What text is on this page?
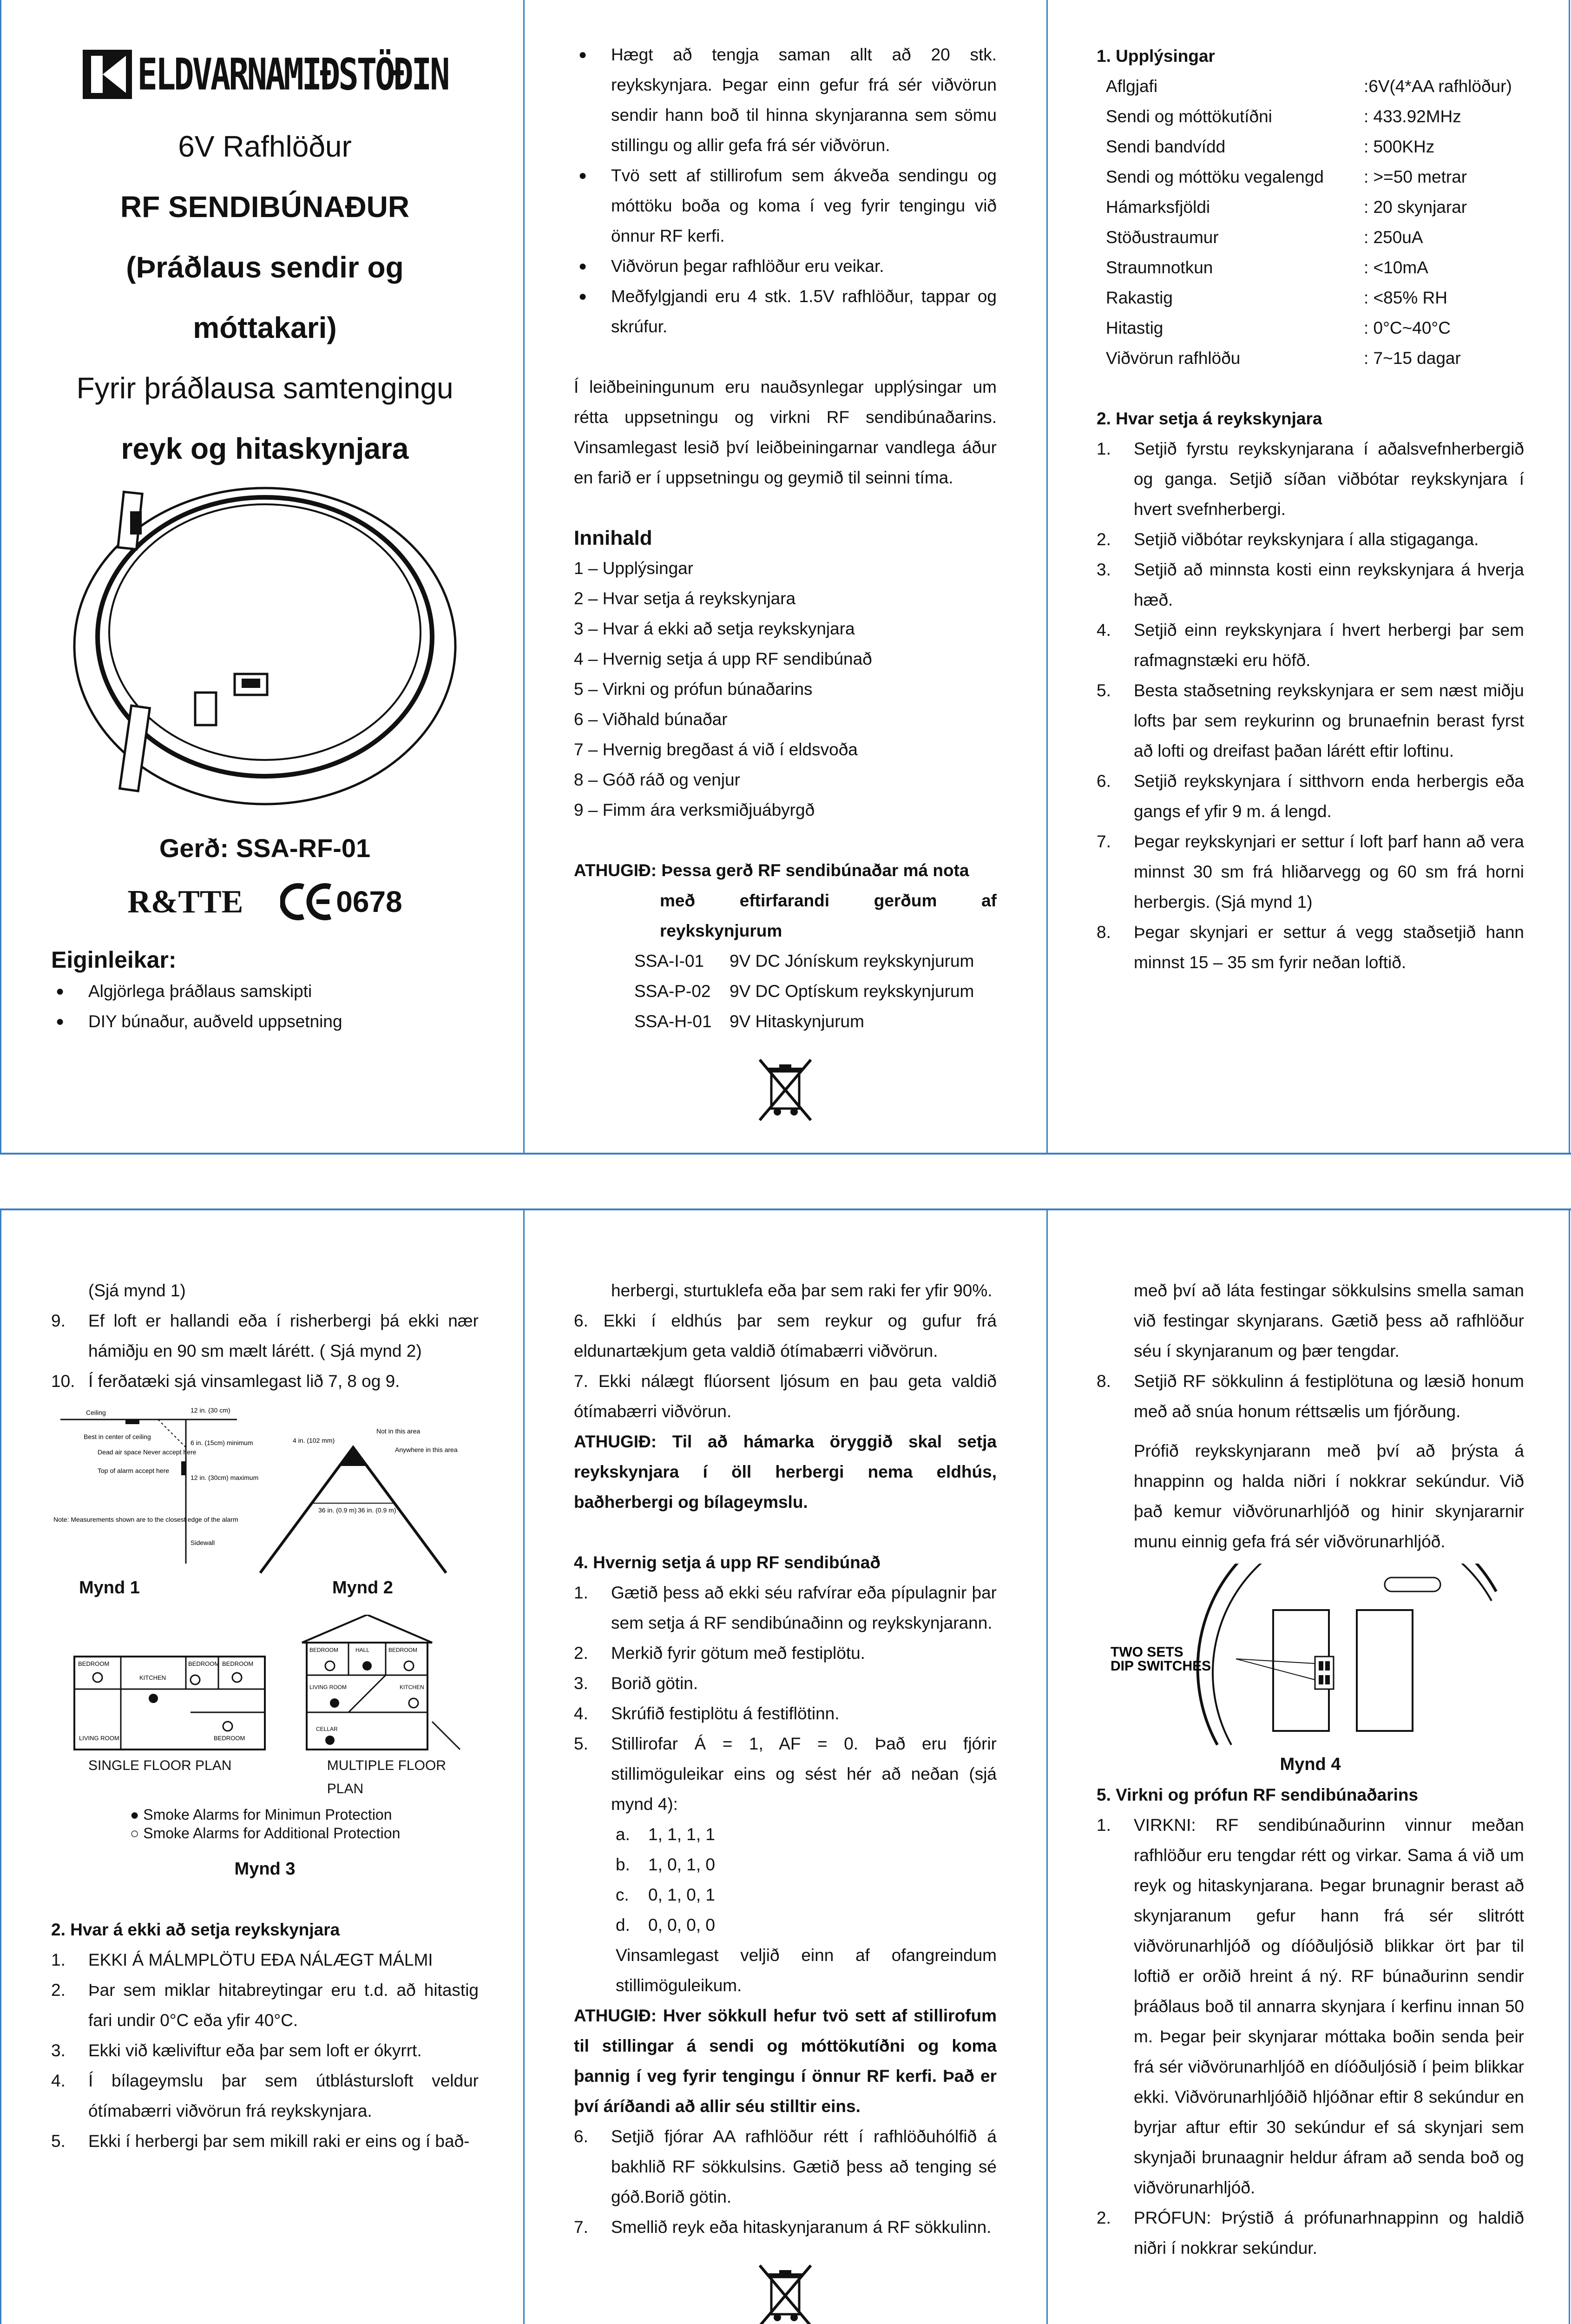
ELDVARNAMIÐSTÖÐIN
6V Rafhlöður
RF SENDIBÚNAÐUR
(Þráðlaus sendir og
móttakari)
Fyrir þráðlausa samtengingu
reyk og hitaskynjara
Gerð: SSA-RF-01
R&TTE	0678
Eiginleikar:
● Algjörlega þráðlaus samskipti
● DIY búnaður, auðveld uppsetning
● Hægt að tengja saman allt að 20 stk. reykskynjara. Þegar einn gefur frá sér viðvörun sendir hann boð til hinna skynjaranna sem sömu stillingu og allir gefa frá sér viðvörun.
● Tvö sett af stillirofum sem ákveða sendingu og móttöku boða og koma í veg fyrir tengingu við önnur RF kerfi.
● Viðvörun þegar rafhlöður eru veikar.
● Meðfylgjandi eru 4 stk. 1.5V rafhlöður, tappar og skrúfur.
Í leiðbeiningunum eru nauðsynlegar upplýsingar um rétta uppsetningu og virkni RF sendibúnaðarins. Vinsamlegast lesið því leiðbeiningarnar vandlega áður en farið er í uppsetningu og geymið til seinni tíma.
Innihald
1 – Upplýsingar
2 – Hvar setja á reykskynjara
3 – Hvar á ekki að setja reykskynjara
4 – Hvernig setja á upp RF sendibúnað
5 – Virkni og prófun búnaðarins
6 – Viðhald búnaðar
7 – Hvernig bregðast á við í eldsvoða
8 – Góð ráð og venjur
9 – Fimm ára verksmiðjuábyrgð
ATHUGIÐ: Þessa gerð RF sendibúnaðar má nota
með eftirfarandi gerðum af
reykskynjurum
SSA-I-01	9V DC Jónískum reykskynjurum
SSA-P-02	9V DC Optískum reykskynjurum
SSA-H-01	9V Hitaskynjurum
1. Upplýsingar
Aflgjafi	:6V(4*AA rafhlöður)
Sendi og móttökutíðni	: 433.92MHz
Sendi bandvídd	: 500KHz
Sendi og móttöku vegalengd	: >=50 metrar
Hámarksfjöldi	: 20 skynjarar
Stöðustraumur	: 250uA
Straumnotkun	: <10mA
Rakastig	: <85% RH
Hitastig	: 0°C~40°C
Viðvörun rafhlöðu	: 7~15 dagar
2. Hvar setja á reykskynjara
1. Setjið fyrstu reykskynjarana í aðalsvefnherbergið og ganga. Setjið síðan viðbótar reykskynjara í hvert svefnherbergi.
2. Setjið viðbótar reykskynjara í alla stigaganga.
3. Setjið að minnsta kosti einn reykskynjara á hverja hæð.
4. Setjið einn reykskynjara í hvert herbergi þar sem rafmagnstæki eru höfð.
5. Besta staðsetning reykskynjara er sem næst miðju lofts þar sem reykurinn og brunaefnin berast fyrst að lofti og dreifast þaðan lárétt eftir loftinu.
6. Setjið reykskynjara í sitthvorn enda herbergis eða gangs ef yfir 9 m. á lengd.
7. Þegar reykskynjari er settur í loft þarf hann að vera minnst 30 sm frá hliðarvegg og 60 sm frá horni herbergis. (Sjá mynd 1)
8. Þegar skynjari er settur á vegg staðsetjið hann minnst 15 – 35 sm fyrir neðan loftið.
(Sjá mynd 1)
9. Ef loft er hallandi eða í risherbergi þá ekki nær hámiðju en 90 sm mælt lárétt. ( Sjá mynd 2)
10. Í ferðatæki sjá vinsamlegast lið 7, 8 og 9.
Ceiling
Best in center of ceiling
Dead air space Never accept here
Top of alarm accept here
12 in. (30 cm)
6 in. (15cm) minimum
12 in. (30cm) maximum
Note: Measurements shown are to the closest edge of the alarm
Sidewall
4 in. (102 mm)
Not in this area
Anywhere in this area
36 in. (0.9 m) 36 in. (0.9 m)
Mynd 1	Mynd 2
BEDROOM	BEDROOM BEDROOM
KITCHEN
LIVING ROOM	BEDROOM
BEDROOM	HALL	BEDROOM
LIVING ROOM	KITCHEN
CELLAR
SINGLE FLOOR PLAN	MULTIPLE FLOOR PLAN
● Smoke Alarms for Minimun Protection
○ Smoke Alarms for Additional Protection
Mynd 3
2. Hvar á ekki að setja reykskynjara
1. EKKI Á MÁLMPLÖTU EÐA NÁLÆGT MÁLMI
2. Þar sem miklar hitabreytingar eru t.d. að hitastig fari undir 0°C eða yfir 40°C.
3. Ekki við kæliviftur eða þar sem loft er ókyrrt.
4. Í bílageymslu þar sem útblástursloft veldur ótímabærri viðvörun frá reykskynjara.
5. Ekki í herbergi þar sem mikill raki er eins og í bað-
herbergi, sturtuklefa eða þar sem raki fer yfir 90%.
6. Ekki í eldhús þar sem reykur og gufur frá eldunartækjum geta valdið ótímabærri viðvörun.
7. Ekki nálægt flúorsent ljósum en þau geta valdið ótímabærri viðvörun.
ATHUGIÐ: Til að hámarka öryggið skal setja reykskynjara í öll herbergi nema eldhús, baðherbergi og bílageymslu.
4. Hvernig setja á upp RF sendibúnað
1. Gætið þess að ekki séu rafvírar eða pípulagnir þar sem setja á RF sendibúnaðinn og reykskynjarann.
2. Merkið fyrir götum með festiplötu.
3. Borið götin.
4. Skrúfið festiplötu á festiflötinn.
5. Stillirofar Á = 1, AF = 0. Það eru fjórir stillimöguleikar eins og sést hér að neðan (sjá mynd 4):
a. 1, 1, 1, 1
b. 1, 0, 1, 0
c. 0, 1, 0, 1
d. 0, 0, 0, 0
Vinsamlegast veljið einn af ofangreindum stillimöguleikum.
ATHUGIÐ: Hver sökkull hefur tvö sett af stillirofum til stillingar á sendi og móttökutíðni og koma þannig í veg fyrir tengingu í önnur RF kerfi. Það er því áríðandi að allir séu stilltir eins.
6. Setjið fjórar AA rafhlöður rétt í rafhlöðuhólfið á bakhlið RF sökkulsins. Gætið þess að tenging sé góð.Borið götin.
7. Smellið reyk eða hitaskynjaranum á RF sökkulinn.
með því að láta festingar sökkulsins smella saman við festingar skynjarans. Gætið þess að rafhlöður séu í skynjaranum og þær tengdar.
8. Setjið RF sökkulinn á festiplötuna og læsið honum með að snúa honum réttsælis um fjórðung.
Prófið reykskynjarann með því að þrýsta á hnappinn og halda niðri í nokkrar sekúndur. Við það kemur viðvörunarhljóð og hinir skynjararnir munu einnig gefa frá sér viðvörunarhljóð.
TWO SETS
DIP SWITCHES
Mynd 4
5. Virkni og prófun RF sendibúnaðarins
1. VIRKNI: RF sendibúnaðurinn vinnur meðan rafhlöður eru tengdar rétt og virkar. Sama á við um reyk og hitaskynjarana. Þegar brunagnir berast að skynjaranum gefur hann frá sér slitrótt viðvörunarhljóð og díóðuljósið blikkar ört þar til loftið er orðið hreint á ný. RF búnaðurinn sendir þráðlaus boð til annarra skynjara í kerfinu innan 50 m. Þegar þeir skynjarar móttaka boðin senda þeir frá sér viðvörunarhljóð en díóðuljósið í þeim blikkar ekki. Viðvörunarhljóðið hljóðnar eftir 8 sekúndur en byrjar aftur eftir 30 sekúndur ef sá skynjari sem skynjaði brunaagnir heldur áfram að senda boð og viðvörunarhljóð.
2. PRÓFUN: Þrýstið á prófunarhnappinn og haldið niðri í nokkrar sekúndur.
